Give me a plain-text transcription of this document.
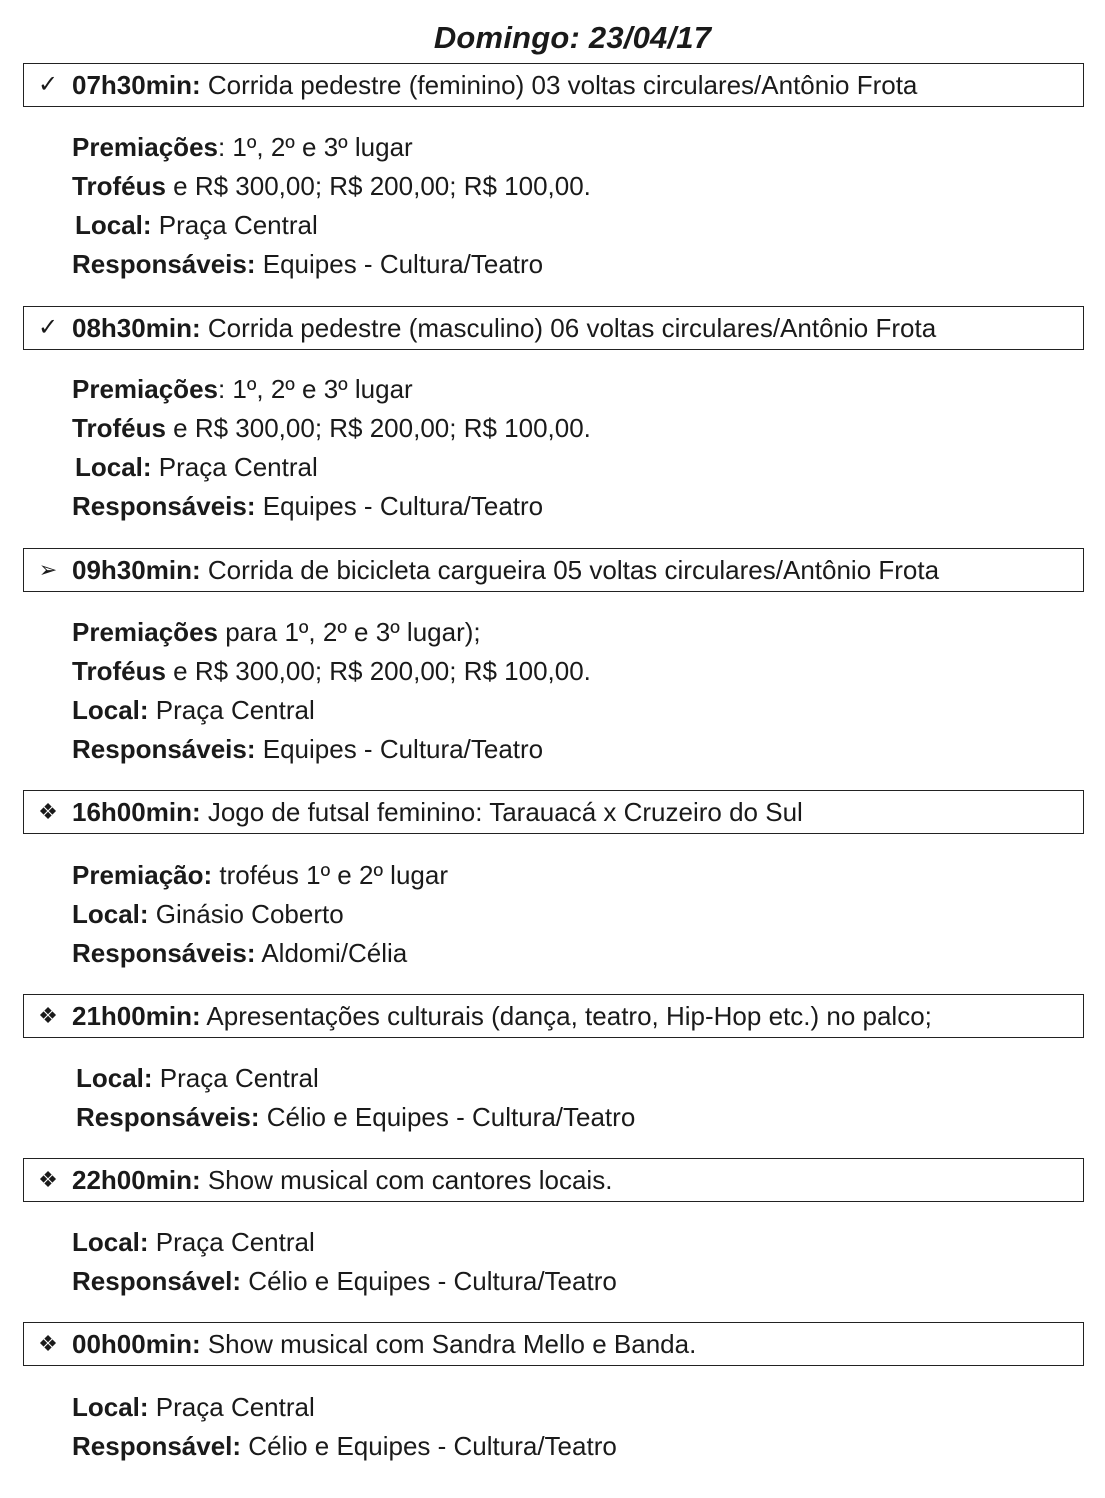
Domingo: 23/04/17
✓ 07h30min: Corrida pedestre (feminino) 03 voltas circulares/Antônio Frota
Premiações: 1º, 2º e 3º lugar
Troféus e R$ 300,00; R$ 200,00; R$ 100,00.
Local: Praça Central
Responsáveis: Equipes - Cultura/Teatro
✓ 08h30min: Corrida pedestre (masculino) 06 voltas circulares/Antônio Frota
Premiações: 1º, 2º e 3º lugar
Troféus e R$ 300,00; R$ 200,00; R$ 100,00.
Local: Praça Central
Responsáveis: Equipes - Cultura/Teatro
➢ 09h30min: Corrida de bicicleta cargueira 05 voltas circulares/Antônio Frota
Premiações para 1º, 2º e 3º lugar);
Troféus e R$ 300,00; R$ 200,00; R$ 100,00.
Local: Praça Central
Responsáveis: Equipes - Cultura/Teatro
❖ 16h00min: Jogo de futsal feminino: Tarauacá x Cruzeiro do Sul
Premiação: troféus 1º e 2º lugar
Local: Ginásio Coberto
Responsáveis: Aldomi/Célia
❖ 21h00min: Apresentações culturais (dança, teatro, Hip-Hop etc.) no palco;
Local: Praça Central
Responsáveis: Célio e Equipes - Cultura/Teatro
❖ 22h00min: Show musical com cantores locais.
Local: Praça Central
Responsável: Célio e Equipes - Cultura/Teatro
❖ 00h00min: Show musical com Sandra Mello e Banda.
Local: Praça Central
Responsável: Célio e Equipes - Cultura/Teatro
